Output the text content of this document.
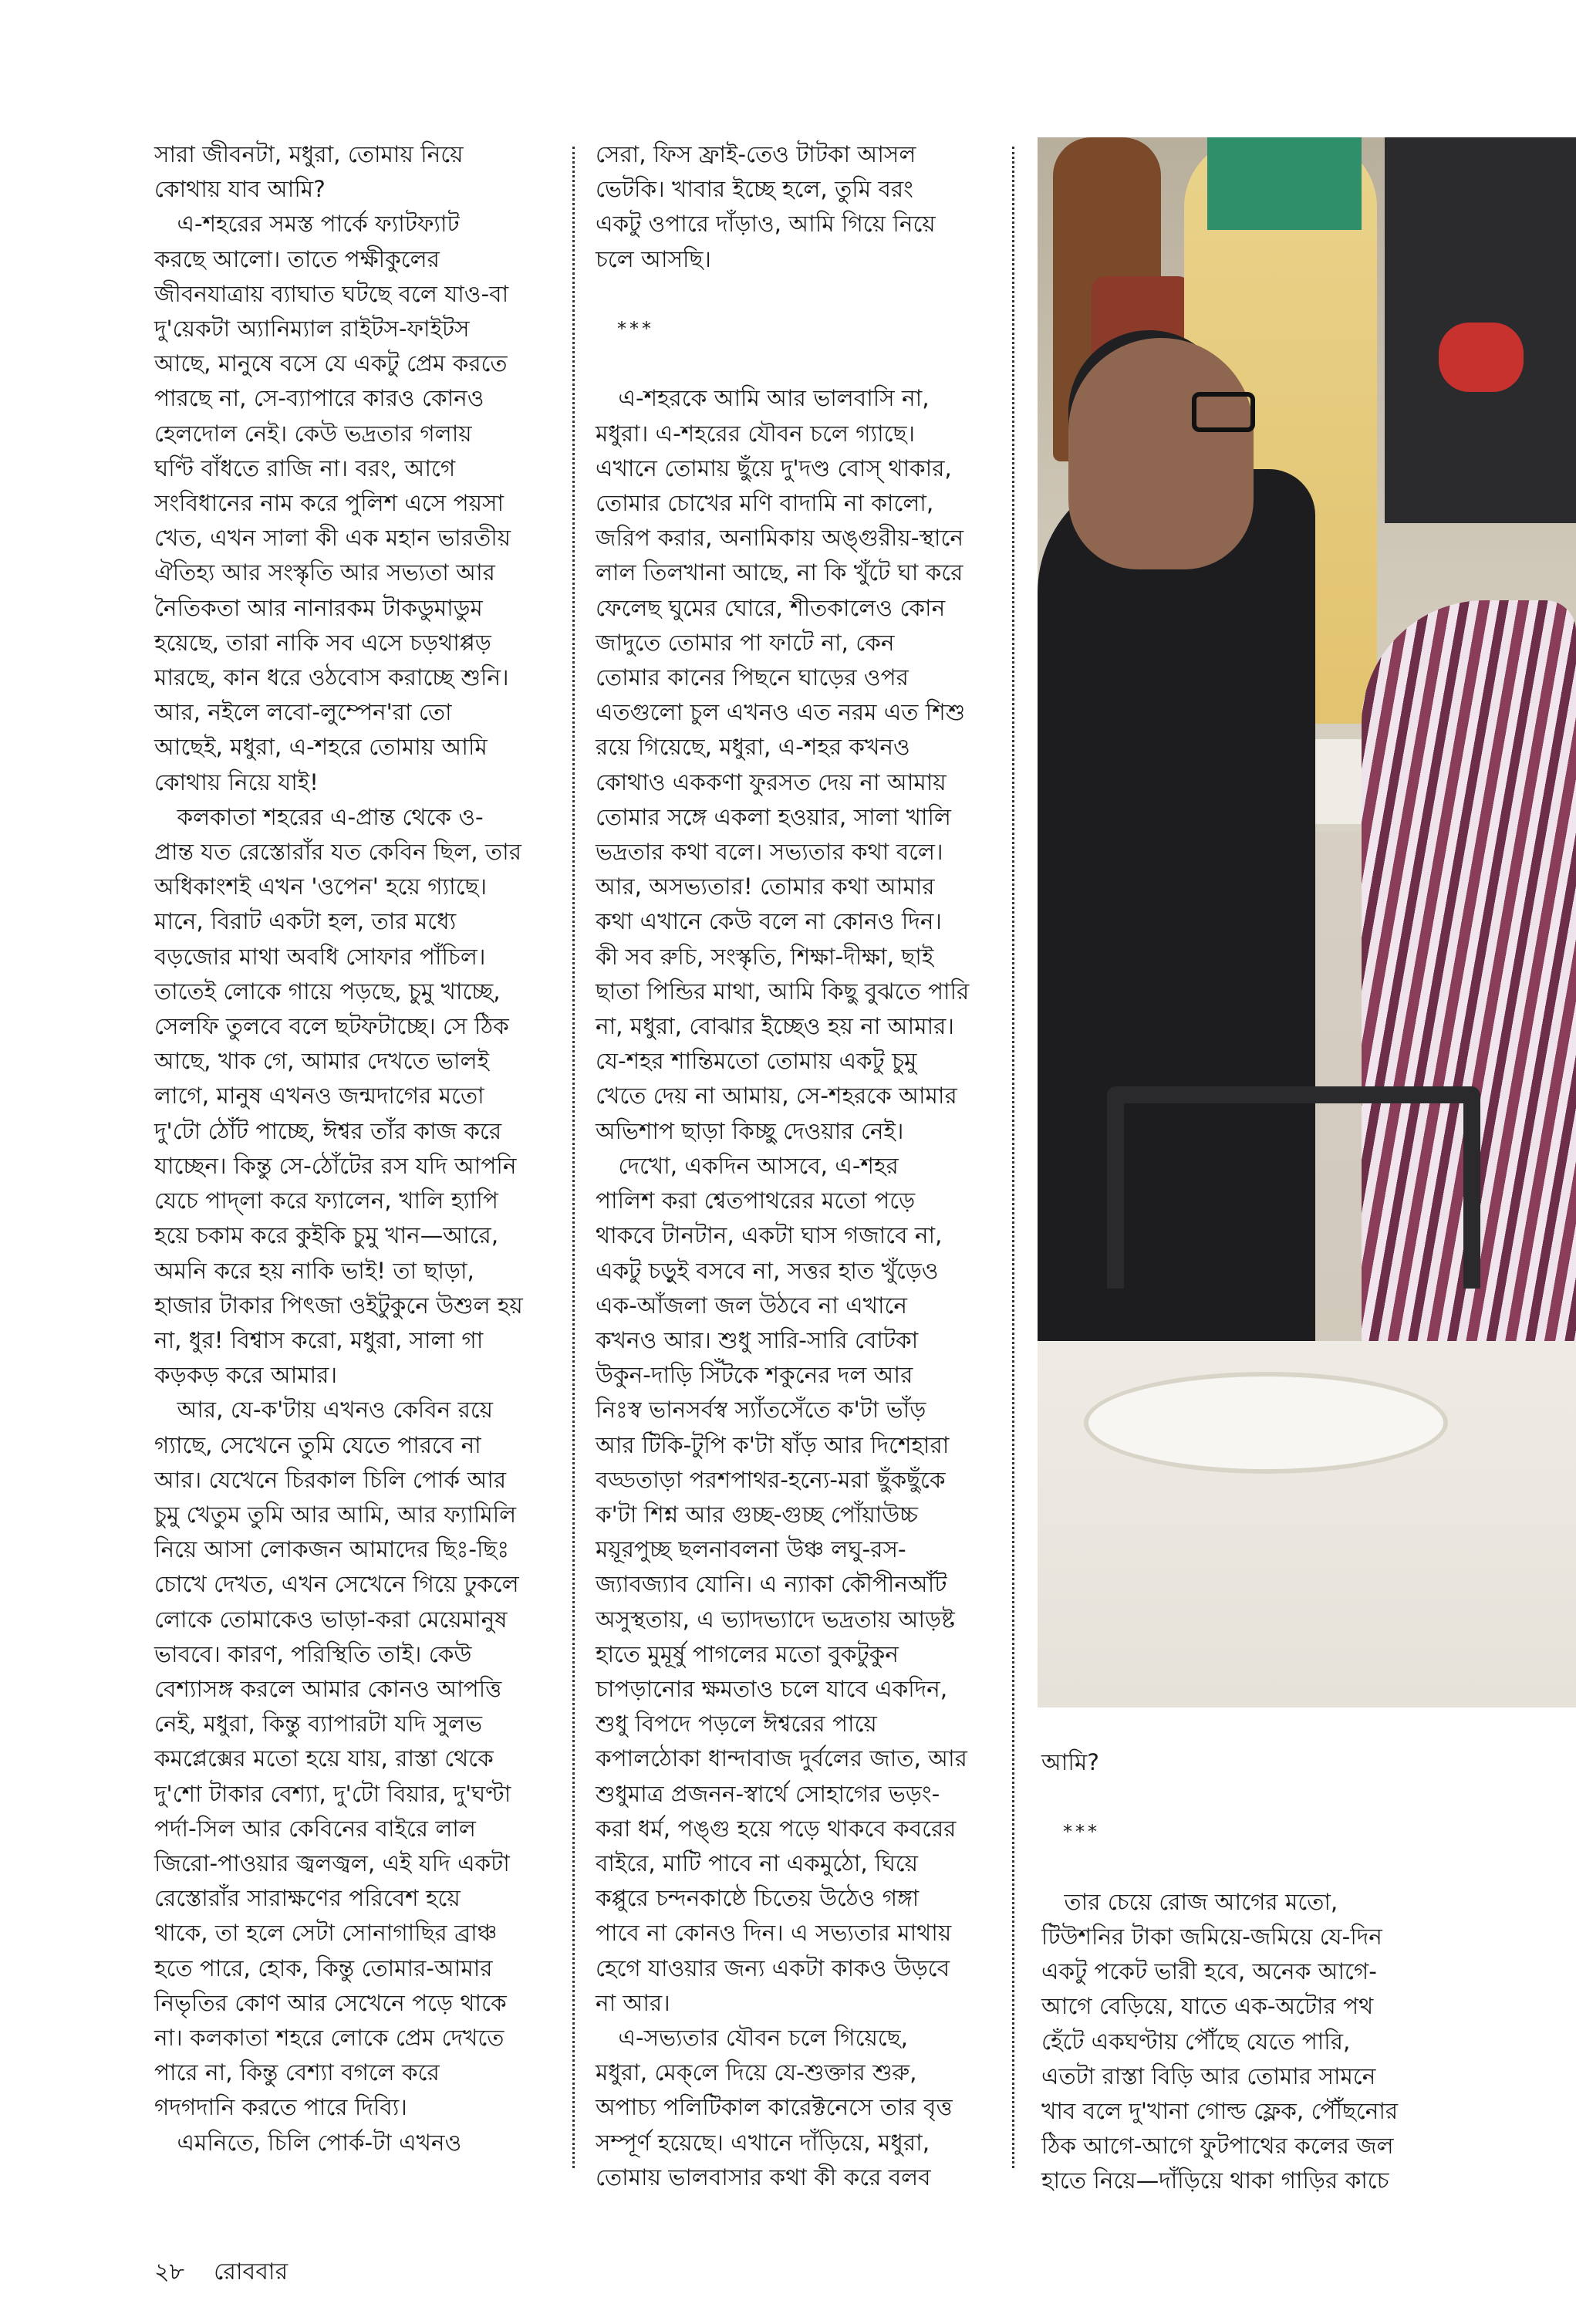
সারা জীবনটা, মধুরা, তোমায় নিয়ে

কোথায় যাব আমি?

 এ-শহরের সমস্ত পার্কে ফ্যাটফ্যাট

করছে আলো। তাতে পক্ষীকুলের

জীবনযাত্রায় ব্যাঘাত ঘটছে বলে যাও-বা

দু'য়েকটা অ্যানিম্যাল রাইটস-ফাইটস

আছে, মানুষে বসে যে একটু প্রেম করতে

পারছে না, সে-ব্যাপারে কারও কোনও

হেলদোল নেই। কেউ ভদ্রতার গলায়

ঘণ্টি বাঁধতে রাজি না। বরং, আগে

সংবিধানের নাম করে পুলিশ এসে পয়সা

খেত, এখন সালা কী এক মহান ভারতীয়

ঐতিহ্য আর সংস্কৃতি আর সভ্যতা আর

নৈতিকতা আর নানারকম টাকডুমাডুম

হয়েছে, তারা নাকি সব এসে চড়থাপ্পড়

মারছে, কান ধরে ওঠবোস করাচ্ছে শুনি।

আর, নইলে লবো-লুম্পেন'রা তো

আছেই, মধুরা, এ-শহরে তোমায় আমি

কোথায় নিয়ে যাই!

 কলকাতা শহরের এ-প্রান্ত থেকে ও-

প্রান্ত যত রেস্তোরাঁর যত কেবিন ছিল, তার

অধিকাংশই এখন 'ওপেন' হয়ে গ্যাছে।

মানে, বিরাট একটা হল, তার মধ্যে

বড়জোর মাথা অবধি সোফার পাঁচিল।

তাতেই লোকে গায়ে পড়ছে, চুমু খাচ্ছে,

সেলফি তুলবে বলে ছটফটাচ্ছে। সে ঠিক

আছে, খাক গে, আমার দেখতে ভালই

লাগে, মানুষ এখনও জন্মদাগের মতো

দু'টো ঠোঁট পাচ্ছে, ঈশ্বর তাঁর কাজ করে

যাচ্ছেন। কিন্তু সে-ঠোঁটের রস যদি আপনি

যেচে পাদ্লা করে ফ্যালেন, খালি হ্যাপি

হয়ে চকাম করে কুইকি চুমু খান—আরে,

অমনি করে হয় নাকি ভাই! তা ছাড়া,

হাজার টাকার পিৎজা ওইটুকুনে উশুল হয়

না, ধুর! বিশ্বাস করো, মধুরা, সালা গা

কড়কড় করে আমার।

 আর, যে-ক'টায় এখনও কেবিন রয়ে

গ্যাছে, সেখেনে তুমি যেতে পারবে না

আর। যেখেনে চিরকাল চিলি পোর্ক আর

চুমু খেতুম তুমি আর আমি, আর ফ্যামিলি

নিয়ে আসা লোকজন আমাদের ছিঃ-ছিঃ

চোখে দেখত, এখন সেখেনে গিয়ে ঢুকলে

লোকে তোমাকেও ভাড়া-করা মেয়েমানুষ

ভাববে। কারণ, পরিস্থিতি তাই। কেউ

বেশ্যাসঙ্গ করলে আমার কোনও আপত্তি

নেই, মধুরা, কিন্তু ব্যাপারটা যদি সুলভ

কমপ্লেক্সের মতো হয়ে যায়, রাস্তা থেকে

দু'শো টাকার বেশ্যা, দু'টো বিয়ার, দু'ঘণ্টা

পর্দা-সিল আর কেবিনের বাইরে লাল

জিরো-পাওয়ার জ্বলজ্বল, এই যদি একটা

রেস্তোরাঁর সারাক্ষণের পরিবেশ হয়ে

থাকে, তা হলে সেটা সোনাগাছির ব্রাঞ্চ

হতে পারে, হোক, কিন্তু তোমার-আমার

নিভৃতির কোণ আর সেখেনে পড়ে থাকে

না। কলকাতা শহরে লোকে প্রেম দেখতে

পারে না, কিন্তু বেশ্যা বগলে করে

গদগদানি করতে পারে দিব্যি।

 এমনিতে, চিলি পোর্ক-টা এখনও

সেরা, ফিস ফ্রাই-তেও টাটকা আসল

ভেটকি। খাবার ইচ্ছে হলে, তুমি বরং

একটু ওপারে দাঁড়াও, আমি গিয়ে নিয়ে

চলে আসছি।

 ***

 এ-শহরকে আমি আর ভালবাসি না,

মধুরা। এ-শহরের যৌবন চলে গ্যাছে।

এখানে তোমায় ছুঁয়ে দু'দণ্ড বোস্‌ থাকার,

তোমার চোখের মণি বাদামি না কালো,

জরিপ করার, অনামিকায় অঙ্গুরীয়-স্থানে

লাল তিলখানা আছে, না কি খুঁটে ঘা করে

ফেলেছ ঘুমের ঘোরে, শীতকালেও কোন

জাদুতে তোমার পা ফাটে না, কেন

তোমার কানের পিছনে ঘাড়ের ওপর

এতগুলো চুল এখনও এত নরম এত শিশু

রয়ে গিয়েছে, মধুরা, এ-শহর কখনও

কোথাও এককণা ফুরসত দেয় না আমায়

তোমার সঙ্গে একলা হওয়ার, সালা খালি

ভদ্রতার কথা বলে। সভ্যতার কথা বলে।

আর, অসভ্যতার! তোমার কথা আমার

কথা এখানে কেউ বলে না কোনও দিন।

কী সব রুচি, সংস্কৃতি, শিক্ষা-দীক্ষা, ছাই

ছাতা পিন্ডির মাথা, আমি কিছু বুঝতে পারি

না, মধুরা, বোঝার ইচ্ছেও হয় না আমার।

যে-শহর শান্তিমতো তোমায় একটু চুমু

খেতে দেয় না আমায়, সে-শহরকে আমার

অভিশাপ ছাড়া কিচ্ছু দেওয়ার নেই।

 দেখো, একদিন আসবে, এ-শহর

পালিশ করা শ্বেতপাথরের মতো পড়ে

থাকবে টানটান, একটা ঘাস গজাবে না,

একটু চড়ুই বসবে না, সত্তর হাত খুঁড়েও

এক-আঁজলা জল উঠবে না এখানে

কখনও আর। শুধু সারি-সারি বোটকা

উকুন-দাড়ি সিঁটকে শকুনের দল আর

নিঃস্ব ভানসর্বস্ব স্যাঁতসেঁতে ক'টা ভাঁড়

আর টিকি-টুপি ক'টা ষাঁড় আর দিশেহারা

বড্ডতাড়া পরশপাথর-হন্যে-মরা ছুঁকছুঁকে

ক'টা শিশ্ন আর গুচ্ছ-গুচ্ছ পোঁয়াউচ্চ

ময়ূরপুচ্ছ ছলনাবলনা উঞ্চ লঘু-রস-

জ্যাবজ্যাব যোনি। এ ন্যাকা কৌপীনআঁট

অসুস্থতায়, এ ভ্যাদভ্যাদে ভদ্রতায় আড়ষ্ট

হাতে মুমূর্ষু পাগলের মতো বুকটুকুন

চাপড়ানোর ক্ষমতাও চলে যাবে একদিন,

শুধু বিপদে পড়লে ঈশ্বরের পায়ে

কপালঠোকা ধান্দাবাজ দুর্বলের জাত, আর

শুধুমাত্র প্রজনন-স্বার্থে সোহাগের ভড়ং-

করা ধর্ম, পঙ্গু হয়ে পড়ে থাকবে কবরের

বাইরে, মাটি পাবে না একমুঠো, ঘিয়ে

কপ্পুরে চন্দনকাষ্ঠে চিতেয় উঠেও গঙ্গা

পাবে না কোনও দিন। এ সভ্যতার মাথায়

হেগে যাওয়ার জন্য একটা কাকও উড়বে

না আর।

 এ-সভ্যতার যৌবন চলে গিয়েছে,

মধুরা, মেক্‌লে দিয়ে যে-শুক্তার শুরু,

অপাচ্য পলিটিকাল কারেক্টনেসে তার বৃত্ত

সম্পূর্ণ হয়েছে। এখানে দাঁড়িয়ে, মধুরা,

তোমায় ভালবাসার কথা কী করে বলব

আমি?

 ***

 তার চেয়ে রোজ আগের মতো,

টিউশনির টাকা জমিয়ে-জমিয়ে যে-দিন

একটু পকেট ভারী হবে, অনেক আগে-

আগে বেড়িয়ে, যাতে এক-অটোর পথ

হেঁটে একঘণ্টায় পৌঁছে যেতে পারি,

এতটা রাস্তা বিড়ি আর তোমার সামনে

খাব বলে দু'খানা গোল্ড ফ্লেক, পৌঁছনোর

ঠিক আগে-আগে ফুটপাথের কলের জল

হাতে নিয়ে—দাঁড়িয়ে থাকা গাড়ির কাচে

২৮ রোববার
